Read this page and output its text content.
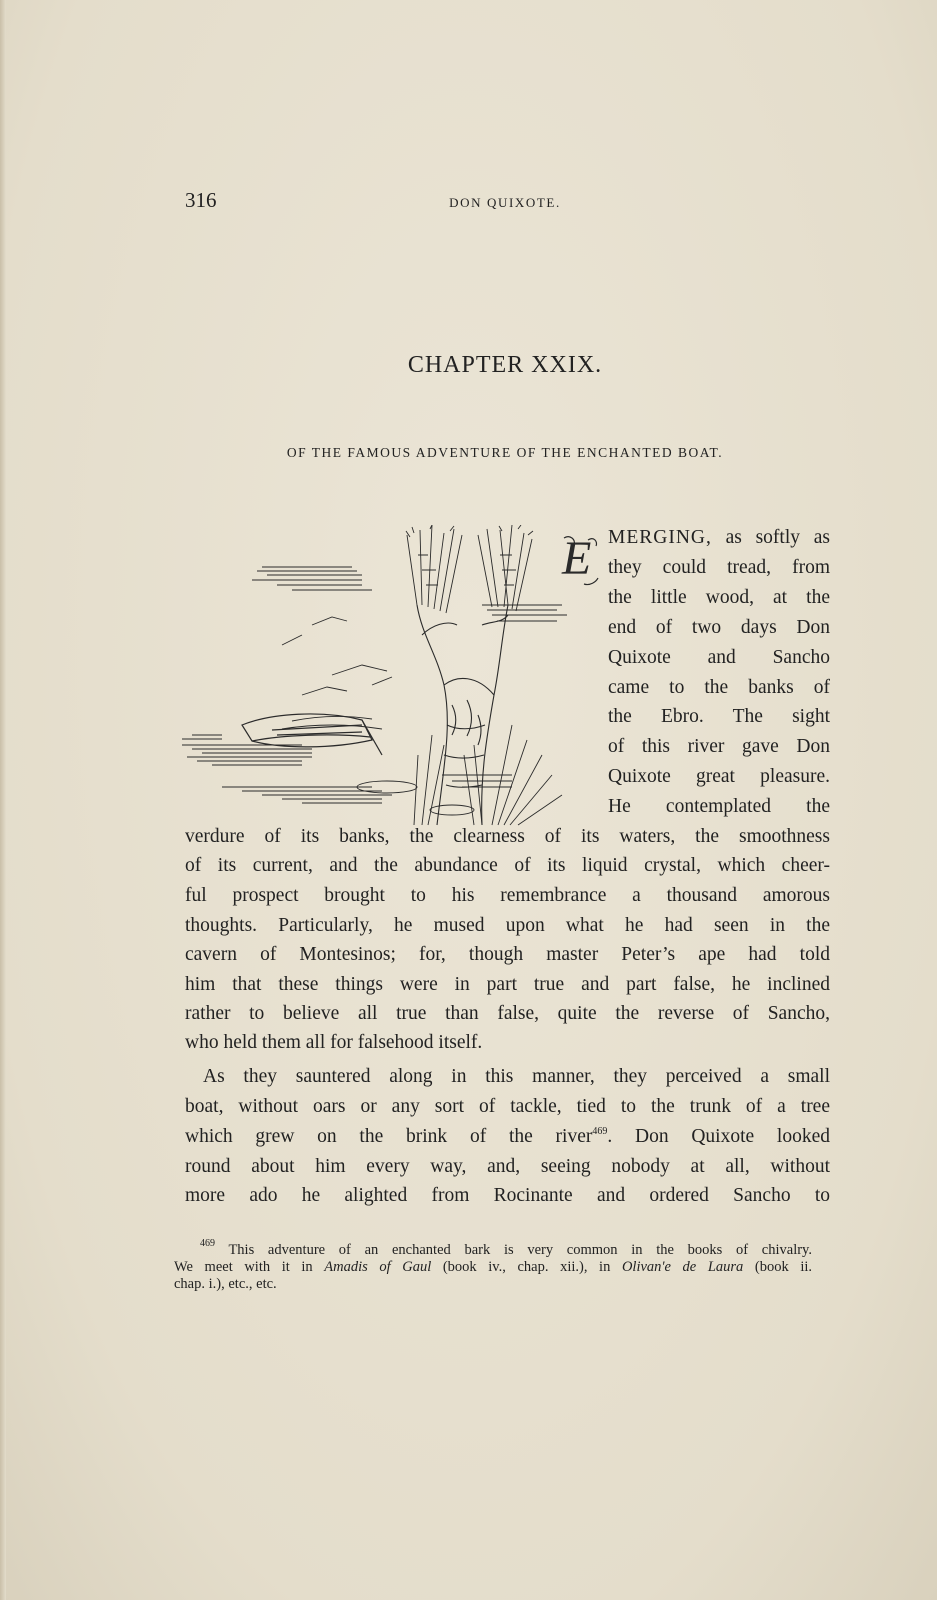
316	DON QUIXOTE.
CHAPTER XXIX.
OF THE FAMOUS ADVENTURE OF THE ENCHANTED BOAT.
E MERGING, as softly as
they could tread, from
the little wood, at the
end of two days Don
Quixote and Sancho
came to the banks of
the Ebro. The sight
of this river gave Don
Quixote great pleasure.
He contemplated the
verdure of its banks, the clearness of its waters, the smoothness
of its current, and the abundance of its liquid crystal, which cheer-
ful prospect brought to his remembrance a thousand amorous
thoughts. Particularly, he mused upon what he had seen in the
cavern of Montesinos; for, though master Peter’s ape had told
him that these things were in part true and part false, he inclined
rather to believe all true than false, quite the reverse of Sancho,
who held them all for falsehood itself.
As they sauntered along in this manner, they perceived a small
boat, without oars or any sort of tackle, tied to the trunk of a tree
which grew on the brink of the river$^{469}$. Don Quixote looked
round about him every way, and, seeing nobody at all, without
more ado he alighted from Rocinante and ordered Sancho to
$^{469}$ This adventure of an enchanted bark is very common in the books of chivalry.
We meet with it in Amadis of Gaul (book iv., chap. xii.), in Olivan'e de Laura (book ii.
chap. i.), etc., etc.
